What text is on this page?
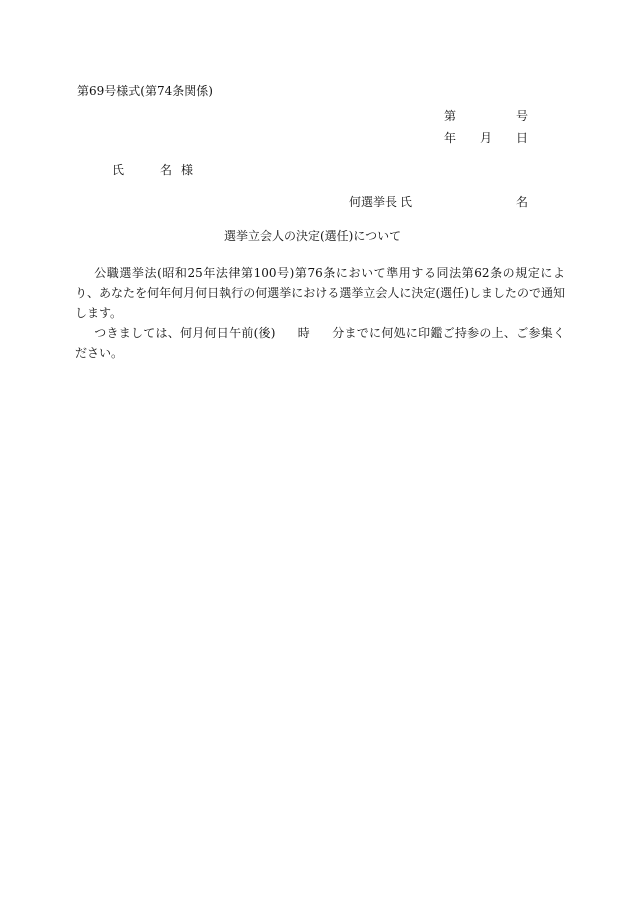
第69号様式(第74条関係)
第	号
年 月 日
氏	名 様
何選挙長 氏	名
選挙立会人の決定(選任)について

公職選挙法(昭和25年法律第100号)第76条において準用する同法第62条の規定により、あなたを何年何月何日執行の何選挙における選挙立会人に決定(選任)しましたので通知します。

つきましては、何月何日午前(後) 時 分までに何処に印鑑ご持参の上、ご参集ください。
